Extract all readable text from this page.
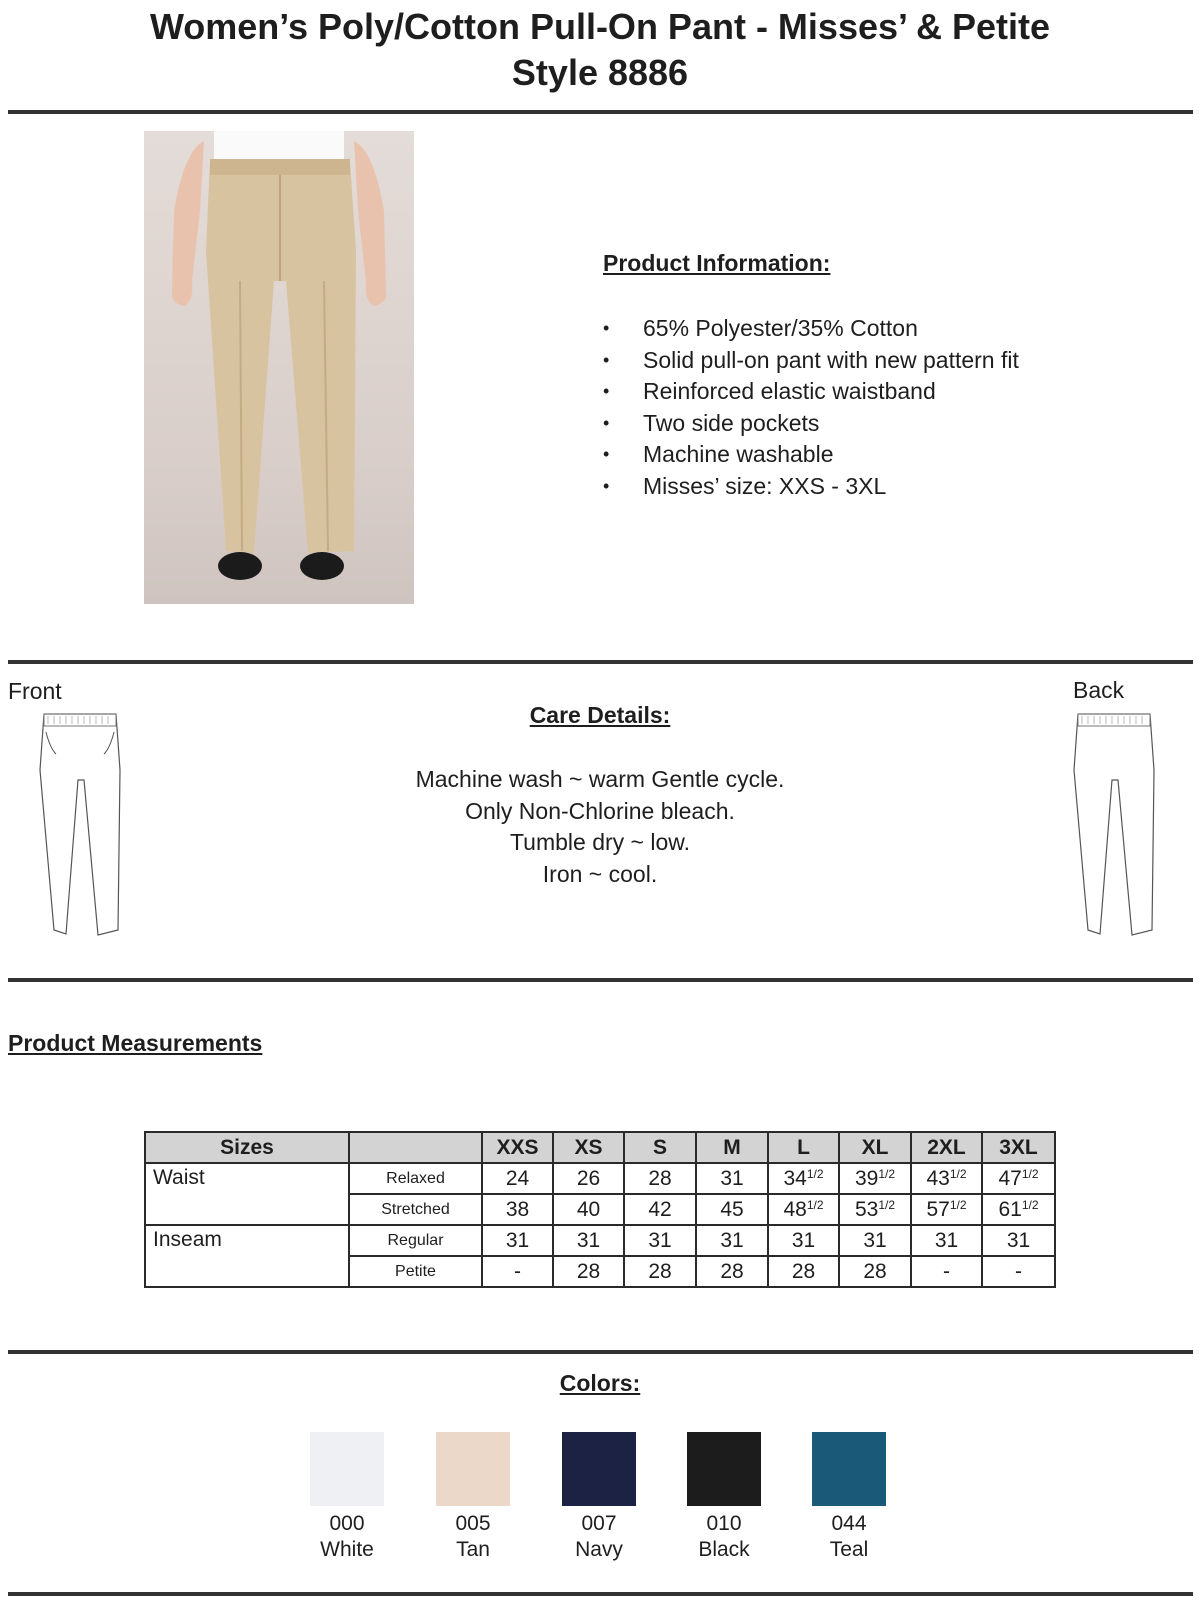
Women’s Poly/Cotton Pull-On Pant - Misses’ & Petite
Style 8886
Product Information:
• 65% Polyester/35% Cotton
• Solid pull-on pant with new pattern fit
• Reinforced elastic waistband
• Two side pockets
• Machine washable
• Misses’ size: XXS - 3XL
Front	Back
Care Details:
Machine wash ~ warm Gentle cycle.
Only Non-Chlorine bleach.
Tumble dry ~ low.
Iron ~ cool.
Product Measurements
Sizes		XXS	XS	S	M	L	XL	2XL	3XL
Waist	Relaxed	24	26	28	31	$34^{1/2}$	$39^{1/2}$	$43^{1/2}$	$47^{1/2}$
	Stretched	38	40	42	45	$48^{1/2}$	$53^{1/2}$	$57^{1/2}$	$61^{1/2}$
Inseam	Regular	31	31	31	31	31	31	31	31
	Petite	-	28	28	28	28	28	-	-
Colors:
000
White
005
Tan
007
Navy
010
Black
044
Teal
